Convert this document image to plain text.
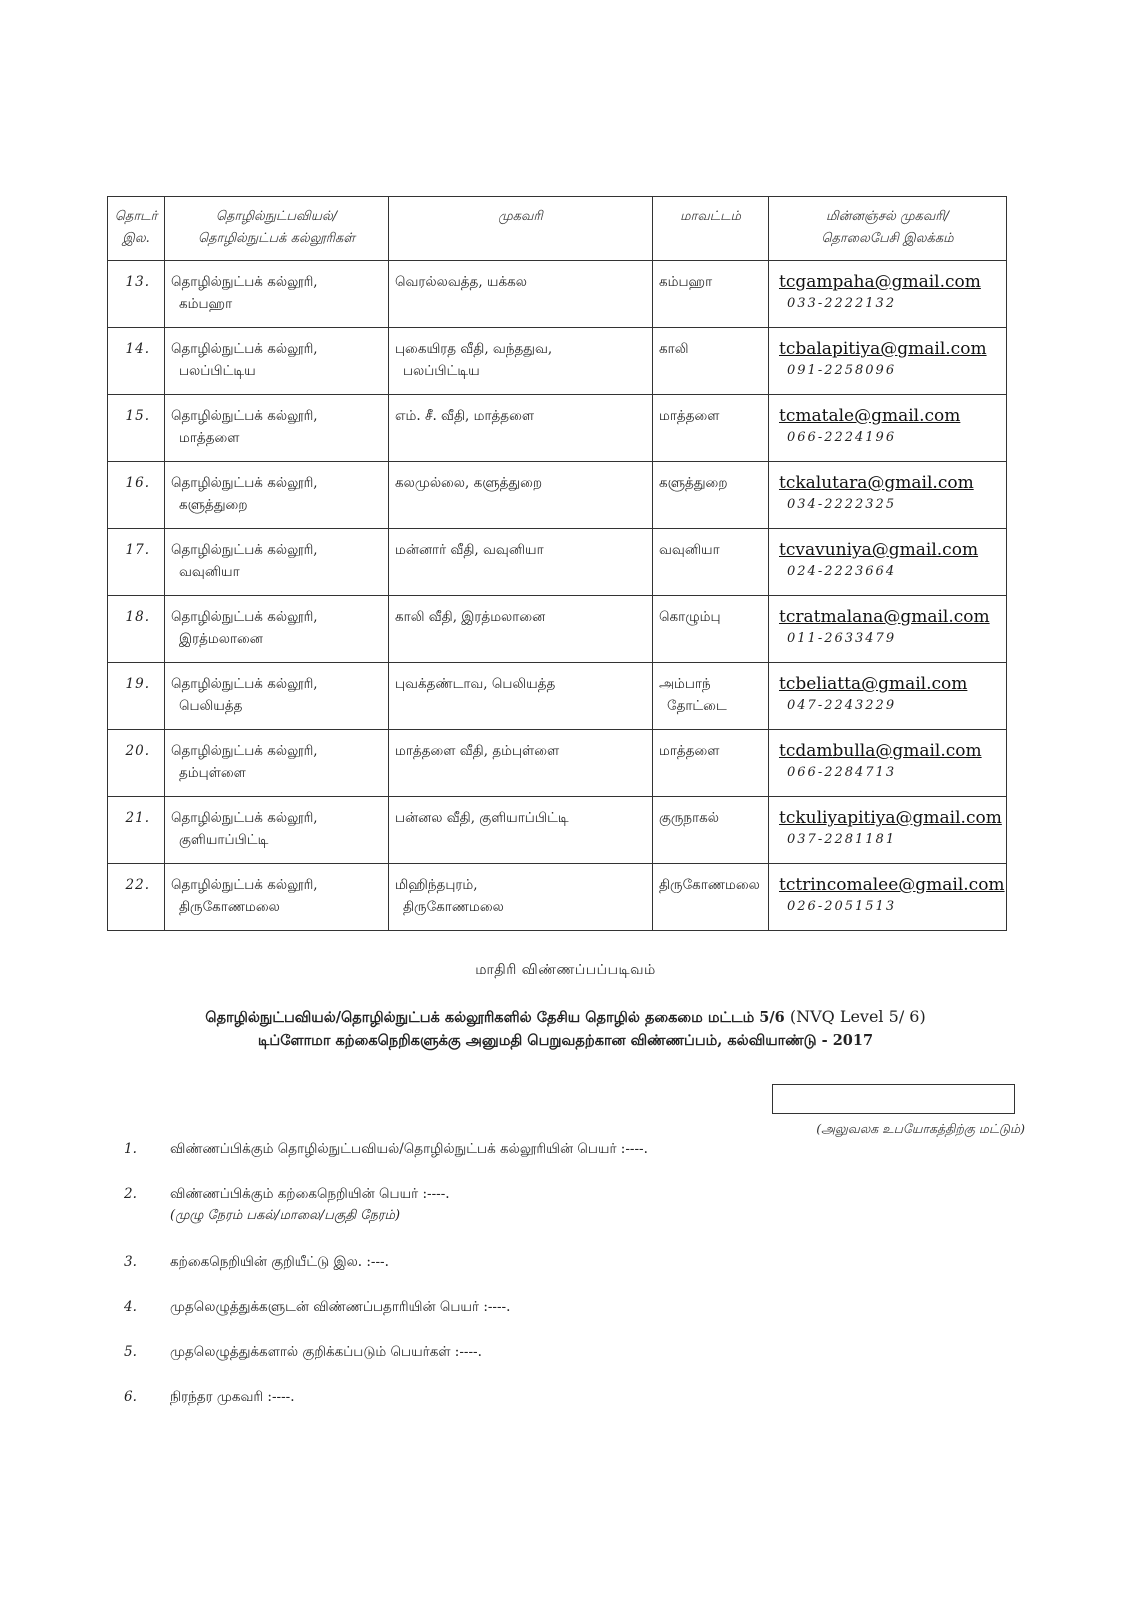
தொடர்
இல.	தொழில்நுட்பவியல்/
தொழில்நுட்பக் கல்லூரிகள்	முகவரி	மாவட்டம்	மின்னஞ்சல் முகவரி/
தொலைபேசி இலக்கம்
13.	தொழில்நுட்பக் கல்லூரி,
கம்பஹா	வெரல்லவத்த, யக்கல	கம்பஹா	tcgampaha@gmail.com
033-2222132

14.	தொழில்நுட்பக் கல்லூரி,
பலப்பிட்டிய	புகையிரத வீதி, வந்ததுவ,
பலப்பிட்டிய	காலி	tcbalapitiya@gmail.com
091-2258096

15.	தொழில்நுட்பக் கல்லூரி,
மாத்தளை	எம். சீ. வீதி, மாத்தளை	மாத்தளை	tcmatale@gmail.com
066-2224196

16.	தொழில்நுட்பக் கல்லூரி,
களுத்துறை	கலமுல்லை, களுத்துறை	களுத்துறை	tckalutara@gmail.com
034-2222325

17.	தொழில்நுட்பக் கல்லூரி,
வவுனியா	மன்னார் வீதி, வவுனியா	வவுனியா	tcvavuniya@gmail.com
024-2223664

18.	தொழில்நுட்பக் கல்லூரி,
இரத்மலானை	காலி வீதி, இரத்மலானை	கொழும்பு	tcratmalana@gmail.com
011-2633479

19.	தொழில்நுட்பக் கல்லூரி,
பெலியத்த	புவக்தண்டாவ, பெலியத்த	அம்பாந்
தோட்டை	tcbeliatta@gmail.com
047-2243229

20.	தொழில்நுட்பக் கல்லூரி,
தம்புள்ளை	மாத்தளை வீதி, தம்புள்ளை	மாத்தளை	tcdambulla@gmail.com
066-2284713

21.	தொழில்நுட்பக் கல்லூரி,
குளியாப்பிட்டி	பன்னல வீதி, குளியாப்பிட்டி	குருநாகல்	tckuliyapitiya@gmail.com
037-2281181

22.	தொழில்நுட்பக் கல்லூரி,
திருகோணமலை	மிஹிந்தபுரம்,
திருகோணமலை	திருகோணமலை	tctrincomalee@gmail.com
026-2051513
மாதிரி விண்ணப்பப்படிவம்
தொழில்நுட்பவியல்/தொழில்நுட்பக் கல்லூரிகளில் தேசிய தொழில் தகைமை மட்டம் 5/6 (NVQ Level 5/ 6)
டிப்ளோமா கற்கைநெறிகளுக்கு அனுமதி பெறுவதற்கான விண்ணப்பம், கல்வியாண்டு - 2017
(அலுவலக உபயோகத்திற்கு மட்டும்)
1. விண்ணப்பிக்கும் தொழில்நுட்பவியல்/தொழில்நுட்பக் கல்லூரியின் பெயர் :----.
2. விண்ணப்பிக்கும் கற்கைநெறியின் பெயர் :----.
(முழு நேரம் பகல்/மாலை/பகுதி நேரம்)
3. கற்கைநெறியின் குறியீட்டு இல. :---.
4. முதலெழுத்துக்களுடன் விண்ணப்பதாரியின் பெயர் :----.
5. முதலெழுத்துக்களால் குறிக்கப்படும் பெயர்கள் :----.
6. நிரந்தர முகவரி :----.
